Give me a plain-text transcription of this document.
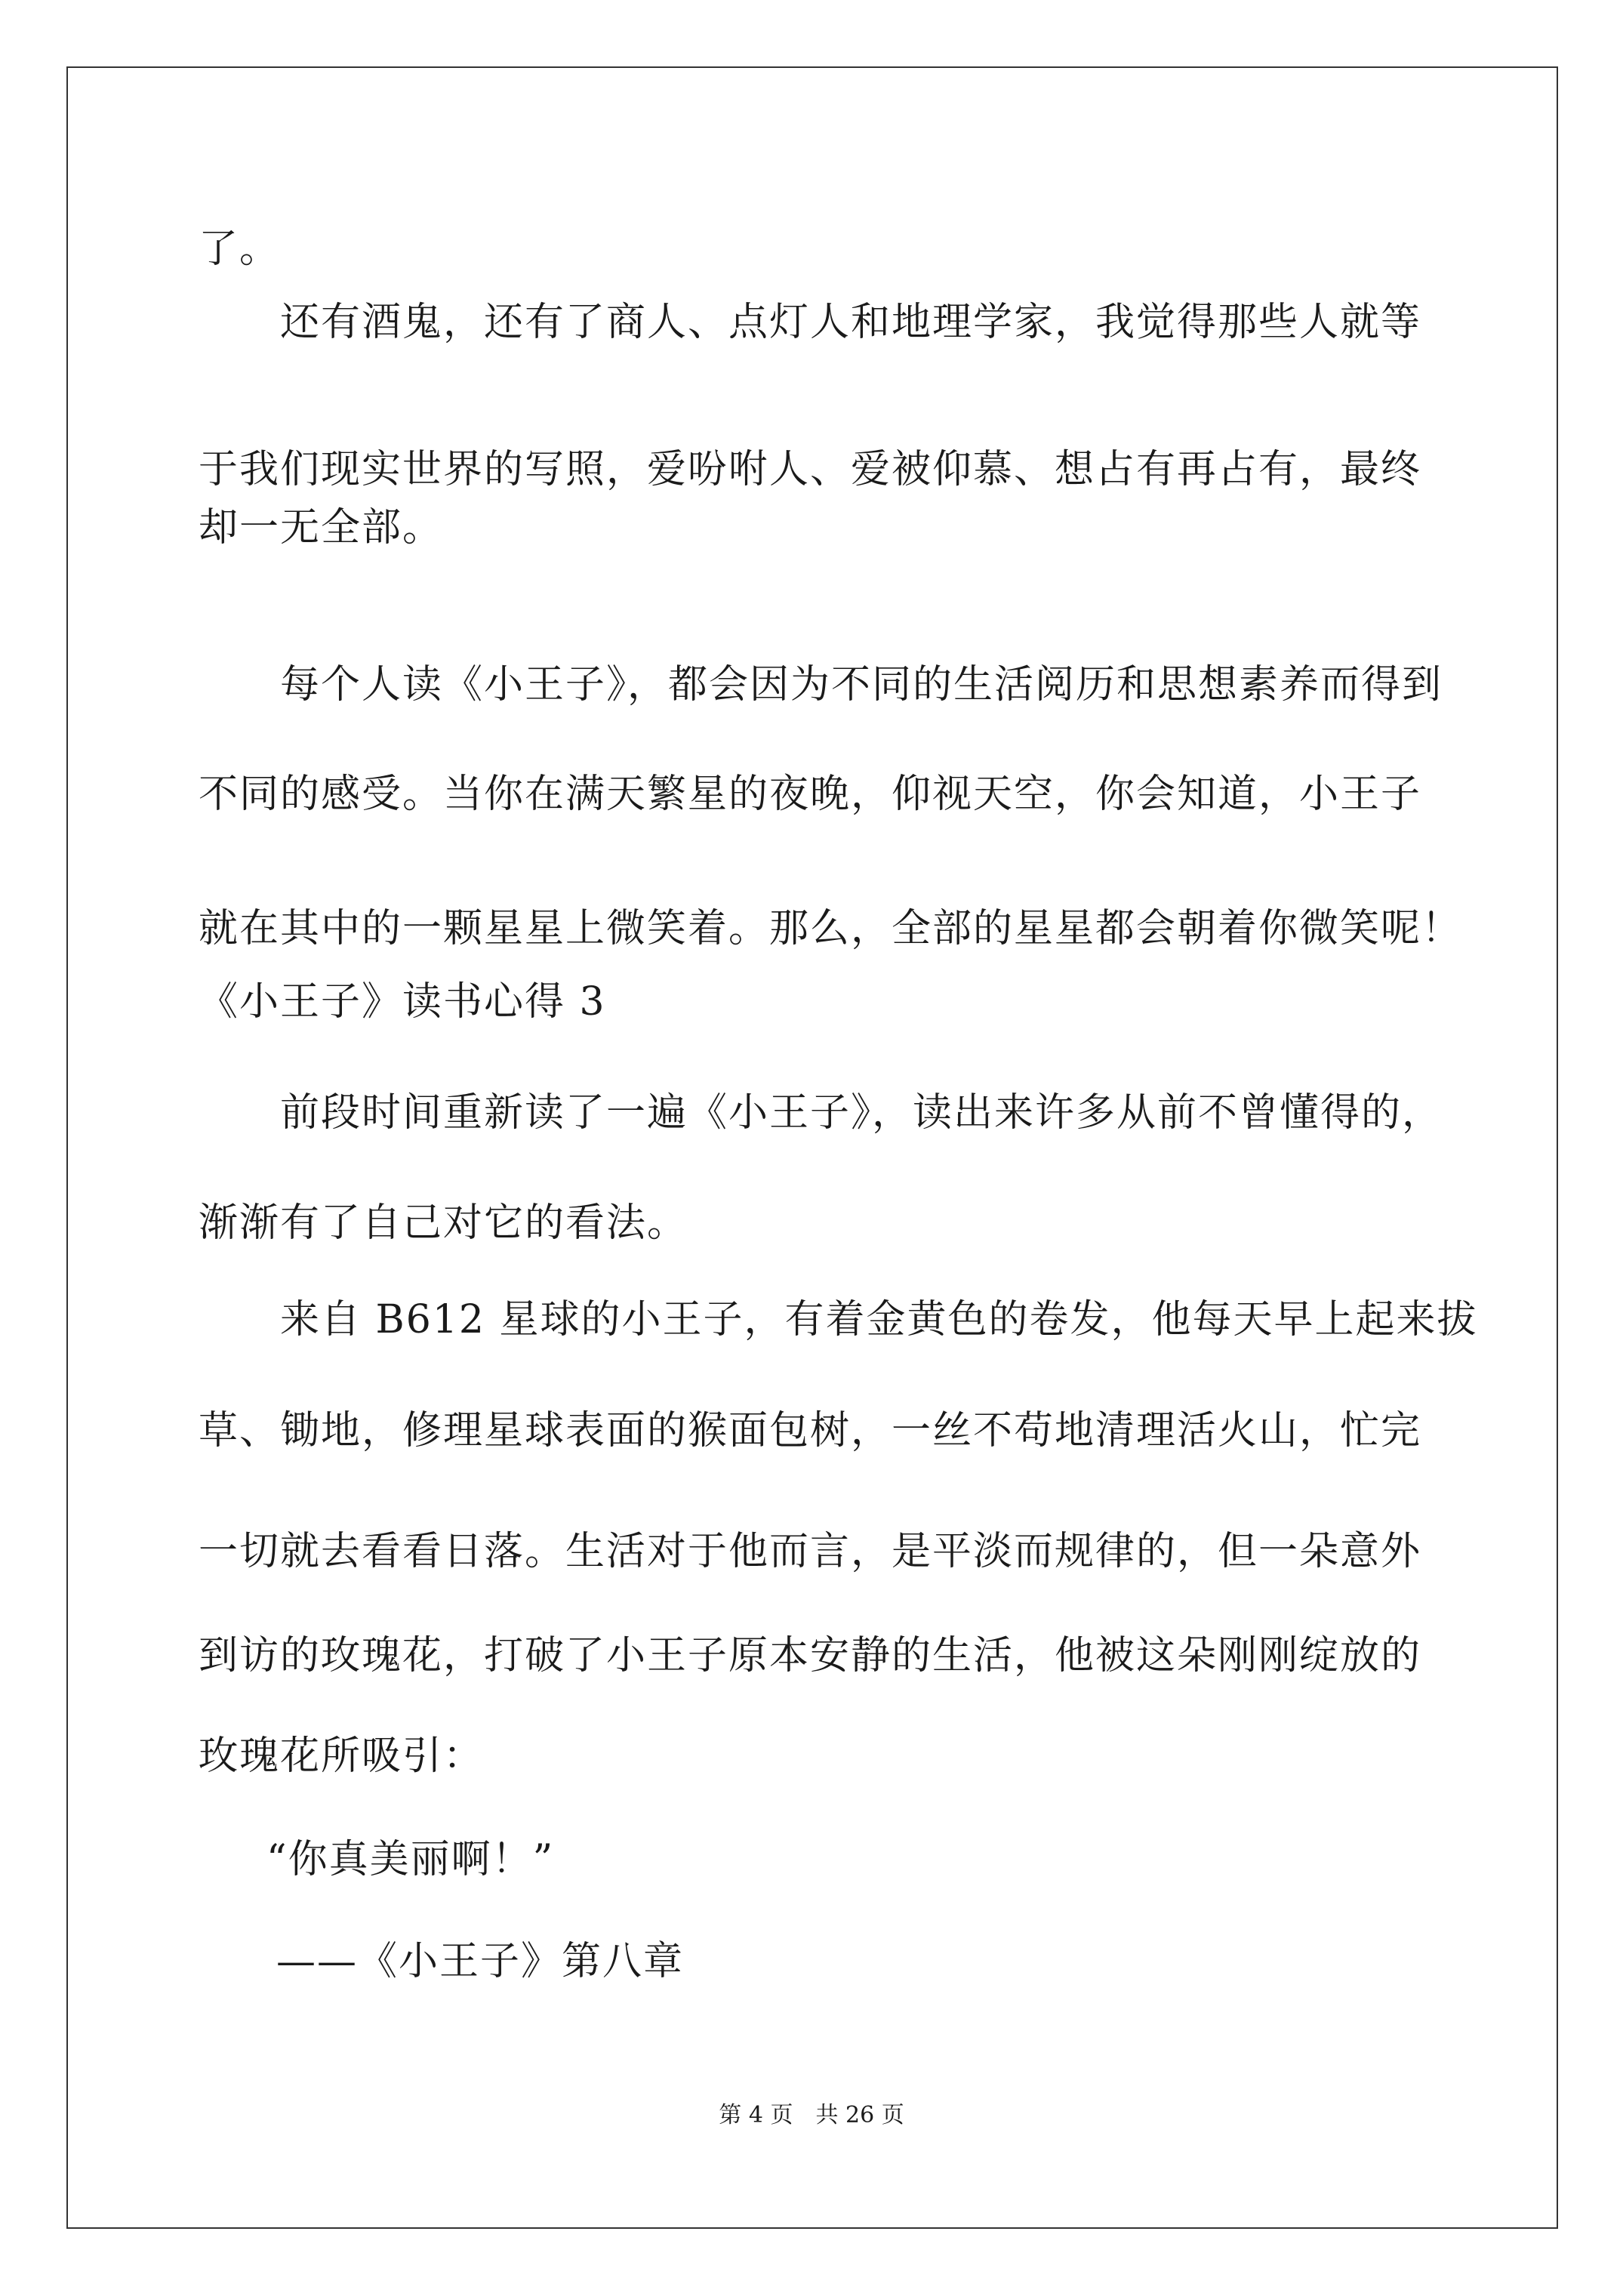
了。
还有酒鬼，还有了商人、点灯人和地理学家，我觉得那些人就等
于我们现实世界的写照，爱吩咐人、爱被仰慕、想占有再占有，最终
却一无全部。
每个人读《小王子》，都会因为不同的生活阅历和思想素养而得到
不同的感受。当你在满天繁星的夜晚，仰视天空，你会知道，小王子
就在其中的一颗星星上微笑着。那么，全部的星星都会朝着你微笑呢！
《小王子》读书心得 3
前段时间重新读了一遍《小王子》，读出来许多从前不曾懂得的，
渐渐有了自己对它的看法。
来自 B612 星球的小王子，有着金黄色的卷发，他每天早上起来拔
草、锄地，修理星球表面的猴面包树，一丝不苟地清理活火山，忙完
一切就去看看日落。生活对于他而言，是平淡而规律的，但一朵意外
到访的玫瑰花，打破了小王子原本安静的生活，他被这朵刚刚绽放的
玫瑰花所吸引：
“你真美丽啊！”
——《小王子》第八章
第 4 页　共 26 页
